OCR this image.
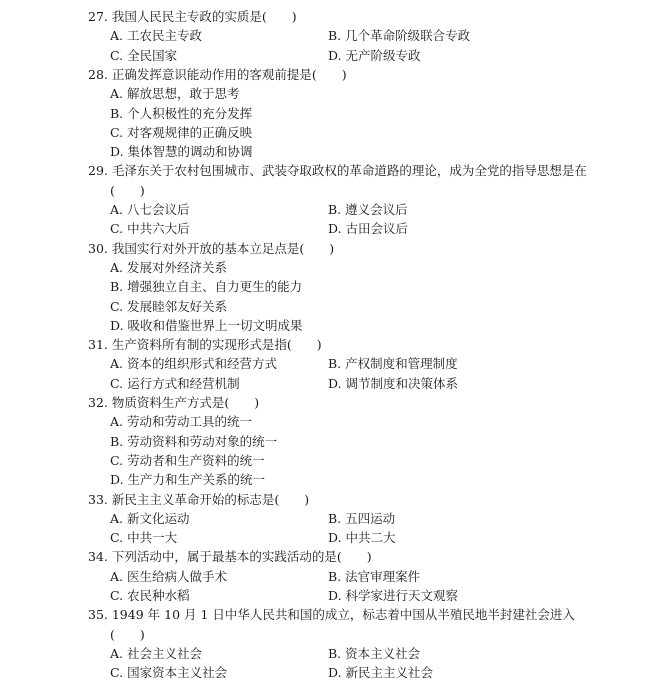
27. 我国人民民主专政的实质是(　　)
A. 工农民主专政	B. 几个革命阶级联合专政
C. 全民国家	D. 无产阶级专政
28. 正确发挥意识能动作用的客观前提是(　　)
A. 解放思想，敢于思考
B. 个人积极性的充分发挥
C. 对客观规律的正确反映
D. 集体智慧的调动和协调
29. 毛泽东关于农村包围城市、武装夺取政权的革命道路的理论，成为全党的指导思想是在
(　　)
A. 八七会议后	B. 遵义会议后
C. 中共六大后	D. 古田会议后
30. 我国实行对外开放的基本立足点是(　　)
A. 发展对外经济关系
B. 增强独立自主、自力更生的能力
C. 发展睦邻友好关系
D. 吸收和借鉴世界上一切文明成果
31. 生产资料所有制的实现形式是指(　　)
A. 资本的组织形式和经营方式	B. 产权制度和管理制度
C. 运行方式和经营机制	D. 调节制度和决策体系
32. 物质资料生产方式是(　　)
A. 劳动和劳动工具的统一
B. 劳动资料和劳动对象的统一
C. 劳动者和生产资料的统一
D. 生产力和生产关系的统一
33. 新民主主义革命开始的标志是(　　)
A. 新文化运动	B. 五四运动
C. 中共一大	D. 中共二大
34. 下列活动中，属于最基本的实践活动的是(　　)
A. 医生给病人做手术	B. 法官审理案件
C. 农民种水稻	D. 科学家进行天文观察
35. 1949 年 10 月 1 日中华人民共和国的成立，标志着中国从半殖民地半封建社会进入
(　　)
A. 社会主义社会	B. 资本主义社会
C. 国家资本主义社会	D. 新民主主义社会
